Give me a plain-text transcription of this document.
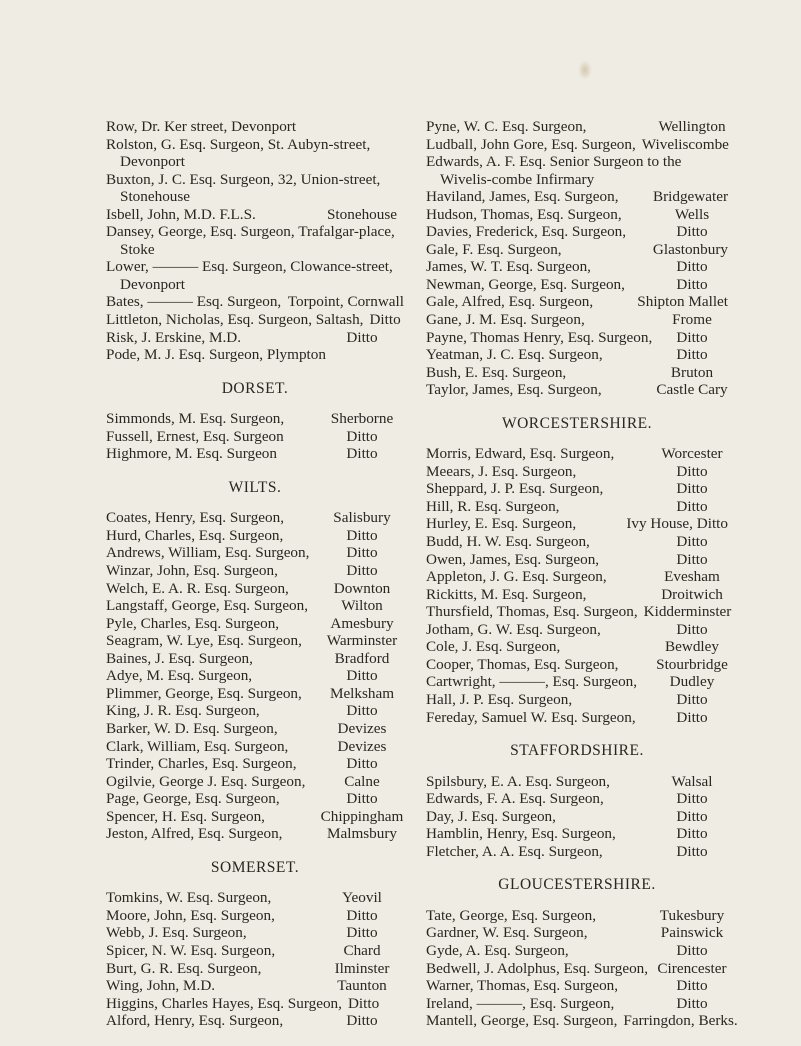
Row, Dr. Ker street, Devonport
Rolston, G. Esq. Surgeon, St. Aubyn-street, Devonport
Buxton, J. C. Esq. Surgeon, 32, Union-street, Stonehouse
Isbell, John, M.D. F.L.S.	Stonehouse
Dansey, George, Esq. Surgeon, Trafalgar-place, Stoke
Lower, ——— Esq. Surgeon, Clowance-street, Devonport
Bates, ——— Esq. Surgeon, Torpoint, Cornwall
Littleton, Nicholas, Esq. Surgeon, Saltash, Ditto
Risk, J. Erskine, M.D.	Ditto
Pode, M. J. Esq. Surgeon, Plympton
DORSET.
Simmonds, M. Esq. Surgeon,	Sherborne
Fussell, Ernest, Esq. Surgeon	Ditto
Highmore, M. Esq. Surgeon	Ditto
WILTS.
Coates, Henry, Esq. Surgeon,	Salisbury
Hurd, Charles, Esq. Surgeon,	Ditto
Andrews, William, Esq. Surgeon, Ditto
Winzar, John, Esq. Surgeon,	Ditto
Welch, E. A. R. Esq. Surgeon,	Downton
Langstaff, George, Esq. Surgeon, Wilton
Pyle, Charles, Esq. Surgeon,	Amesbury
Seagram, W. Lye, Esq. Surgeon, Warminster
Baines, J. Esq. Surgeon,	Bradford
Adye, M. Esq. Surgeon,	Ditto
Plimmer, George, Esq. Surgeon, Melksham
King, J. R. Esq. Surgeon,	Ditto
Barker, W. D. Esq. Surgeon,	Devizes
Clark, William, Esq. Surgeon,	Devizes
Trinder, Charles, Esq. Surgeon,	Ditto
Ogilvie, George J. Esq. Surgeon,	Calne
Page, George, Esq. Surgeon,	Ditto
Spencer, H. Esq. Surgeon,	Chippingham
Jeston, Alfred, Esq. Surgeon,	Malmsbury
SOMERSET.
Tomkins, W. Esq. Surgeon,	Yeovil
Moore, John, Esq. Surgeon,	Ditto
Webb, J. Esq. Surgeon,	Ditto
Spicer, N. W. Esq. Surgeon,	Chard
Burt, G. R. Esq. Surgeon,	Ilminster
Wing, John, M.D.	Taunton
Higgins, Charles Hayes, Esq. Surgeon, Ditto
Alford, Henry, Esq. Surgeon,	Ditto
Pyne, W. C. Esq. Surgeon,	Wellington
Ludball, John Gore, Esq. Surgeon, Wiveliscombe
Edwards, A. F. Esq. Senior Surgeon to the Wivelis-combe Infirmary
Haviland, James, Esq. Surgeon, Bridgewater
Hudson, Thomas, Esq. Surgeon,	Wells
Davies, Frederick, Esq. Surgeon,	Ditto
Gale, F. Esq. Surgeon,	Glastonbury
James, W. T. Esq. Surgeon,	Ditto
Newman, George, Esq. Surgeon,	Ditto
Gale, Alfred, Esq. Surgeon,	Shipton Mallet
Gane, J. M. Esq. Surgeon,	Frome
Payne, Thomas Henry, Esq. Surgeon, Ditto
Yeatman, J. C. Esq. Surgeon,	Ditto
Bush, E. Esq. Surgeon,	Bruton
Taylor, James, Esq. Surgeon,	Castle Cary
WORCESTERSHIRE.
Morris, Edward, Esq. Surgeon,	Worcester
Meears, J. Esq. Surgeon,	Ditto
Sheppard, J. P. Esq. Surgeon,	Ditto
Hill, R. Esq. Surgeon,	Ditto
Hurley, E. Esq. Surgeon,	Ivy House, Ditto
Budd, H. W. Esq. Surgeon,	Ditto
Owen, James, Esq. Surgeon,	Ditto
Appleton, J. G. Esq. Surgeon,	Evesham
Rickitts, M. Esq. Surgeon,	Droitwich
Thursfield, Thomas, Esq. Surgeon, Kidderminster
Jotham, G. W. Esq. Surgeon,	Ditto
Cole, J. Esq. Surgeon,	Bewdley
Cooper, Thomas, Esq. Surgeon, Stourbridge
Cartwright, ———, Esq. Surgeon, Dudley
Hall, J. P. Esq. Surgeon,	Ditto
Fereday, Samuel W. Esq. Surgeon,	Ditto
STAFFORDSHIRE.
Spilsbury, E. A. Esq. Surgeon,	Walsal
Edwards, F. A. Esq. Surgeon,	Ditto
Day, J. Esq. Surgeon,	Ditto
Hamblin, Henry, Esq. Surgeon,	Ditto
Fletcher, A. A. Esq. Surgeon,	Ditto
GLOUCESTERSHIRE.
Tate, George, Esq. Surgeon,	Tukesbury
Gardner, W. Esq. Surgeon,	Painswick
Gyde, A. Esq. Surgeon,	Ditto
Bedwell, J. Adolphus, Esq. Surgeon, Cirencester
Warner, Thomas, Esq. Surgeon,	Ditto
Ireland, ———, Esq. Surgeon,	Ditto
Mantell, George, Esq. Surgeon, Farringdon, Berks.
